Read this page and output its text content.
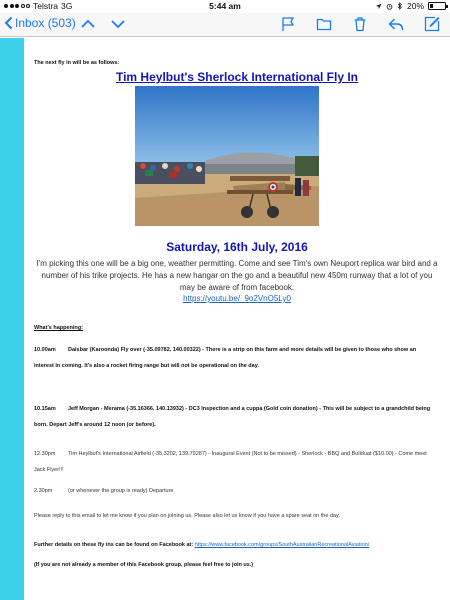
Telstra 3G	5:44 am	20%
Inbox (503)
The next fly in will be as follows:
Tim Heylbut's Sherlock International Fly In
Saturday, 16th July, 2016
I'm picking this one will be a big one, weather permitting. Come and see Tim's own Neuport replica war bird and a number of his trike projects. He has a new hangar on the go and a beautiful new 450m runway that a lot of you may be aware of from facebook.
https://youtu.be/_9o2VnO5Ly0
What's happening:
10.00am Daisbar (Karoonda) Fly over (-35.09782, 140.00322) - There is a strip on this farm and more details will be given to those who show an interest in coming. It's also a rocket firing range but will not be operational on the day.
10.15am Jeff Morgan - Merama (-35.16366, 140.13932) - DC3 Inspection and a cuppa (Gold coin donation) - This will be subject to a grandchild being born. Depart Jeff's around 12 noon (or before).
12.30pm Tim Heylbut's International Airfield (-35.3202, 139.79287) - Inaugural Event (Not to be missed) - Sherlock - BBQ and Bullduat ($10.00) - Come meet Jack Flyer!!!
2.30pm	(or whenever the group is ready) Departure
Please reply to this email to let me know if you plan on joining us. Please also let us know if you have a spare seat on the day.
Further details on these fly ins can be found on Facebook at: https://www.facebook.com/groups/SouthAustralianRecreationalAviation/
(If you are not already a member of this Facebook group, please feel free to join us.)
